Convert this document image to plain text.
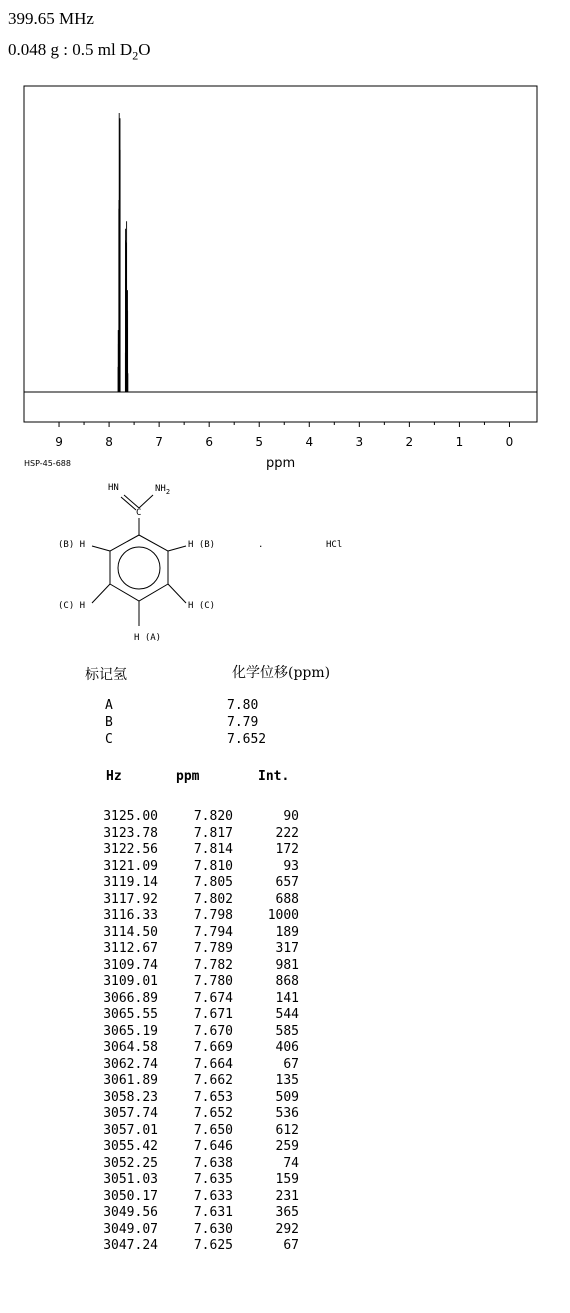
399.65 MHz
0.048 g : 0.5 ml $D_2O$
9	8	7	6	5	4	3	2	1	0
HSP-45-688	ppm
HN	$NH_2$
C
(B) H	H (B)
(C) H	H (C)
H (A)
.	HCl
标记氢	化学位移(ppm)
A	7.80
B	7.79
C	7.652
Hz	ppm	Int.
3125.00	7.820	90
3123.78	7.817	222
3122.56	7.814	172
3121.09	7.810	93
3119.14	7.805	657
3117.92	7.802	688
3116.33	7.798	1000
3114.50	7.794	189
3112.67	7.789	317
3109.74	7.782	981
3109.01	7.780	868
3066.89	7.674	141
3065.55	7.671	544
3065.19	7.670	585
3064.58	7.669	406
3062.74	7.664	67
3061.89	7.662	135
3058.23	7.653	509
3057.74	7.652	536
3057.01	7.650	612
3055.42	7.646	259
3052.25	7.638	74
3051.03	7.635	159
3050.17	7.633	231
3049.56	7.631	365
3049.07	7.630	292
3047.24	7.625	67
